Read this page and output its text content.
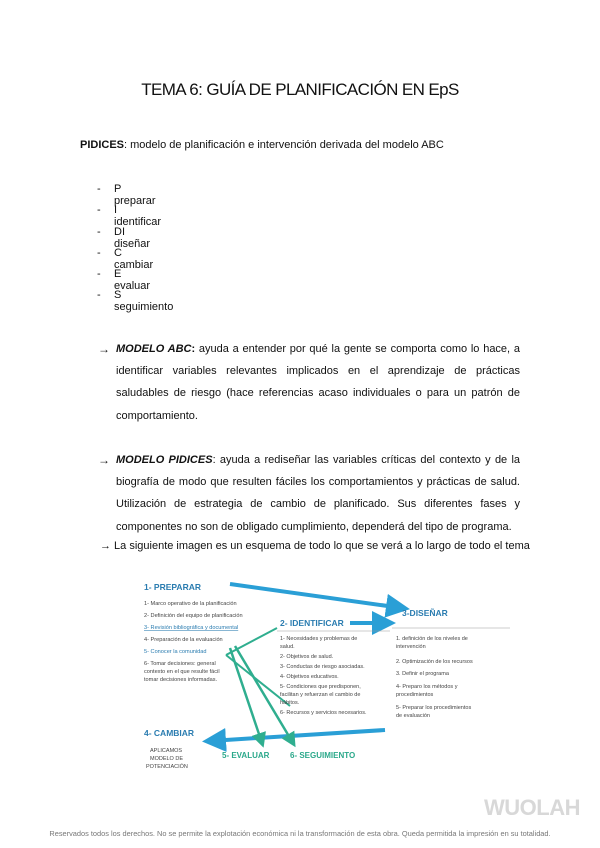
TEMA 6: GUÍA DE PLANIFICACIÓN EN EpS
PIDICES: modelo de planificación e intervención derivada del modelo ABC
- P preparar
- I identificar
- DI diseñar
- C cambiar
- E evaluar
- S seguimiento
→ MODELO ABC: ayuda a entender por qué la gente se comporta como lo hace, a identificar variables relevantes implicados en el aprendizaje de prácticas saludables de riesgo (hace referencias acaso individuales o para un patrón de comportamiento.
→ MODELO PIDICES: ayuda a rediseñar las variables críticas del contexto y de la biografía de modo que resulten fáciles los comportamientos y prácticas de salud. Utilización de estrategia de cambio de planificado. Sus diferentes fases y componentes no son de obligado cumplimiento, dependerá del tipo de programa.
→ La siguiente imagen es un esquema de todo lo que se verá a lo largo de todo el tema
1- PREPARAR
1- Marco operativo de la planificación
2- Definición del equipo de planificación
3- Revisión bibliográfica y documental
4- Preparación de la evaluación
5- Conocer la comunidad
6- Tomar decisiones: general
contexto en el que resulte fácil
tomar decisiones informadas.
2- IDENTIFICAR
1- Necesidades y problemas de
salud.
2- Objetivos de salud.
3- Conductas de riesgo asociadas.
4- Objetivos educativos.
5- Condiciones que predisponen,
facilitan y refuerzan el cambio de
hábitos.
6- Recursos y servicios necesarios.
3-DISEÑAR
1. definición de los niveles de
intervención
2. Optimización de los recursos
3. Definir el programa
4- Preparo los métodos y
procedimientos
5- Preparar los procedimientos
de evaluación
4- CAMBIAR
APLICAMOS
MODELO DE
POTENCIACIÓN
5- EVALUAR	6- SEGUIMIENTO
WUOLAH
Reservados todos los derechos. No se permite la explotación económica ni la transformación de esta obra. Queda permitida la impresión en su totalidad.
